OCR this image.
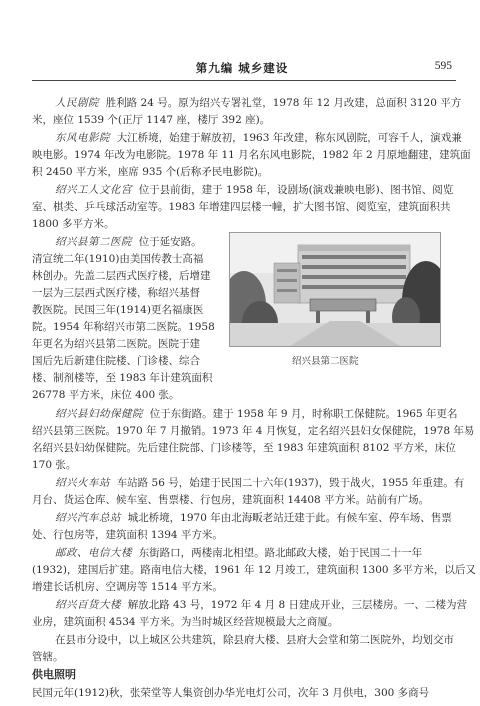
第九编 城乡建设	595
人民剧院 胜利路 24 号。原为绍兴专署礼堂，1978 年 12 月改建，总面积 3120 平方
米，座位 1539 个(正厅 1147 座，楼厅 392 座)。
东风电影院 大江桥境，始建于解放初，1963 年改建，称东风剧院，可容千人，演戏兼
映电影。1974 年改为电影院。1978 年 11 月名东风电影院，1982 年 2 月原地翻建，建筑面
积 2450 平方米，座席 935 个(后称矛民电影院)。
绍兴工人文化宫 位于县前街，建于 1958 年，设剧场(演戏兼映电影)、图书馆、阅览
室、棋类、乒乓球活动室等。1983 年增建四层楼一幢，扩大图书馆、阅览室，建筑面积共
1800 多平方米。
绍兴县第二医院 位于延安路。
清宣统二年(1910)由美国传教士高福
林创办。先盖二层西式医疗楼，后增建
一层为三层西式医疗楼，称绍兴基督
教医院。民国三年(1914)更名福康医
院。1954 年称绍兴市第二医院。1958
年更名为绍兴县第二医院。医院于建
国后先后新建住院楼、门诊楼、综合
楼、制剂楼等，至 1983 年计建筑面积
26778 平方米，床位 400 张。
绍兴县第二医院
绍兴县妇幼保健院 位于东街路。建于 1958 年 9 月，时称职工保健院。1965 年更名
绍兴县第三医院。1970 年 7 月撤销。1973 年 4 月恢复，定名绍兴县妇女保健院，1978 年易
名绍兴县妇幼保健院。先后建住院部、门诊楼等，至 1983 年建筑面积 8102 平方米，床位
170 张。
绍兴火车站 车站路 56 号，始建于民国二十六年(1937)，毁于战火，1955 年重建。有
月台、货运仓库、候车室、售票楼、行包房，建筑面积 14408 平方米。站前有广场。
绍兴汽车总站 城北桥境，1970 年由北海畈老站迁建于此。有候车室、停车场、售票
处、行包房等，建筑面积 1394 平方米。
邮政、电信大楼 东街路口，两楼南北相望。路北邮政大楼，始于民国二十一年
(1932)，建国后扩建。路南电信大楼，1961 年 12 月竣工，建筑面积 1300 多平方米，以后又
增建长话机房、空调房等 1514 平方米。
绍兴百货大楼 解放北路 43 号，1972 年 4 月 8 日建成开业，三层楼房。一、二楼为营
业房，建筑面积 4534 平方米。为当时城区经营规模最大之商厦。
在县市分设中，以上城区公共建筑，除县府大楼、县府大会堂和第二医院外，均划交市
管辖。
供电照明
民国元年(1912)秋，张荣堂等人集资创办华光电灯公司，次年 3 月供电，300 多商号
